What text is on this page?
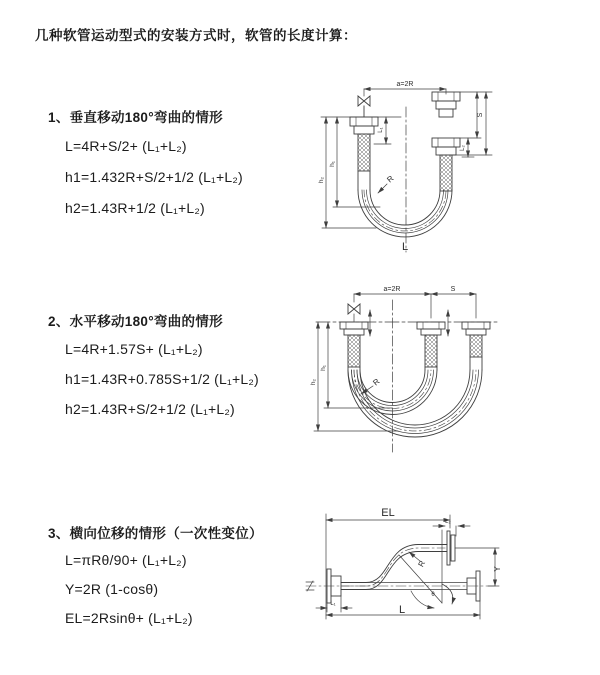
几种软管运动型式的安装方式时，软管的长度计算：
1、垂直移动180°弯曲的情形
L=4R+S/2+ (L₁+L₂)
h1=1.432R+S/2+1/2 (L₁+L₂)
h2=1.43R+1/2 (L₁+L₂)
2、水平移动180°弯曲的情形
L=4R+1.57S+ (L₁+L₂)
h1=1.43R+0.785S+1/2 (L₁+L₂)
h2=1.43R+S/2+1/2 (L₁+L₂)
3、横向位移的情形（一次性变位）
L=πRθ/90+ (L₁+L₂)
Y=2R (1-cosθ)
EL=2Rsinθ+ (L₁+L₂)
a=2R
L₁
S
L₂
h₁
h₂	R
L
a=2R	S
h₁
h₂	R
EL
L₂
Y
R
θ
L
L₁
